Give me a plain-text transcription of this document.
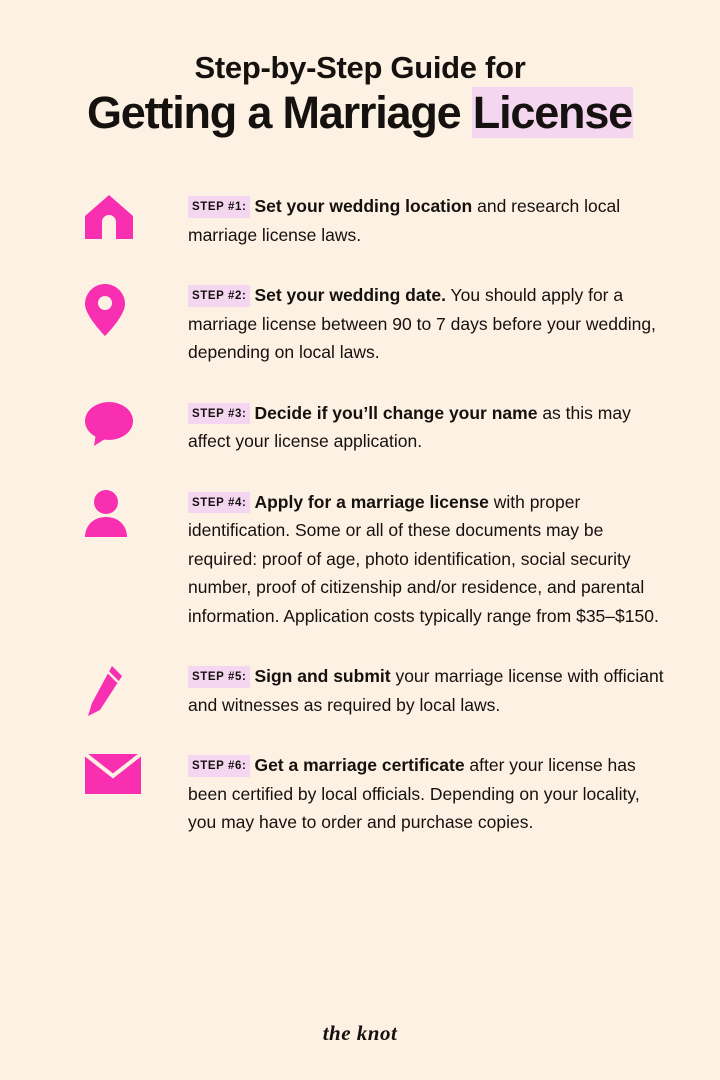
Step-by-Step Guide for
Getting a Marriage License
STEP #1: Set your wedding location and research local marriage license laws.
STEP #2: Set your wedding date. You should apply for a marriage license between 90 to 7 days before your wedding, depending on local laws.
STEP #3: Decide if you’ll change your name as this may affect your license application.
STEP #4: Apply for a marriage license with proper identification. Some or all of these documents may be required: proof of age, photo identification, social security number, proof of citizenship and/or residence, and parental information. Application costs typically range from $35–$150.
STEP #5: Sign and submit your marriage license with officiant and witnesses as required by local laws.
STEP #6: Get a marriage certificate after your license has been certified by local officials. Depending on your locality, you may have to order and purchase copies.
the knot
